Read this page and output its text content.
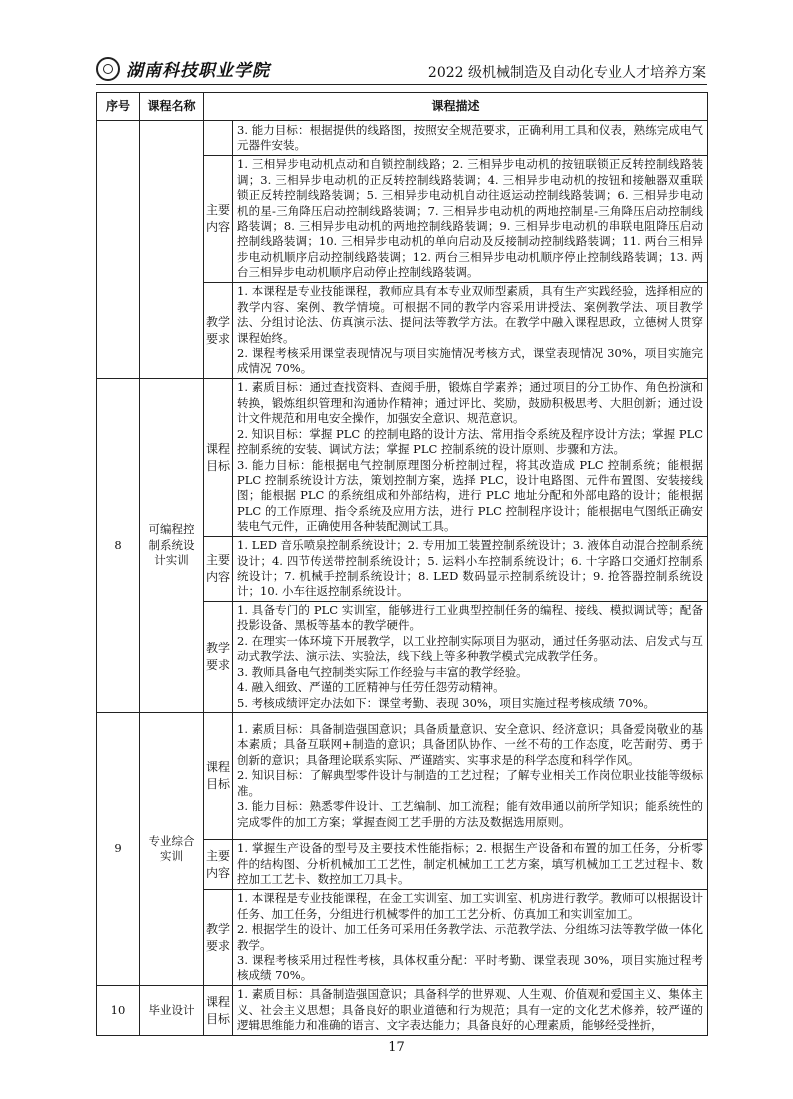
湖南科技职业学院	2022 级机械制造及自动化专业人才培养方案
序号	课程名称	课程描述	
			3. 能力目标：根据提供的线路图，按照安全规范要求，正确利用工具和仪表，熟练完成电气元器件安装。
		主要内容	1. 三相异步电动机点动和自锁控制线路；2. 三相异步电动机的按钮联锁正反转控制线路装调；3. 三相异步电动机的正反转控制线路装调；4. 三相异步电动机的按钮和接触器双重联锁正反转控制线路装调；5. 三相异步电动机自动往返运动控制线路装调；6. 三相异步电动机的星-三角降压启动控制线路装调；7. 三相异步电动机的两地控制星-三角降压启动控制线路装调；8. 三相异步电动机的两地控制线路装调；9. 三相异步电动机的串联电阻降压启动控制线路装调；10. 三相异步电动机的单向启动及反接制动控制线路装调；11. 两台三相异步电动机顺序启动控制线路装调；12. 两台三相异步电动机顺序停止控制线路装调；13. 两台三相异步电动机顺序启动停止控制线路装调。
		教学要求	1. 本课程是专业技能课程，教师应具有本专业双师型素质，具有生产实践经验，选择相应的教学内容、案例、教学情境。可根据不同的教学内容采用讲授法、案例教学法、项目教学法、分组讨论法、仿真演示法、提问法等教学方法。在教学中融入课程思政，立德树人贯穿课程始终。
2. 课程考核采用课堂表现情况与项目实施情况考核方式，课堂表现情况 30%，项目实施完成情况 70%。

8	可编程控制系统设计实训	课程目标	1. 素质目标：通过查找资料、查阅手册，锻炼自学素养；通过项目的分工协作、角色扮演和转换，锻炼组织管理和沟通协作精神；通过评比、奖励，鼓励积极思考、大胆创新；通过设计文件规范和用电安全操作，加强安全意识、规范意识。
2. 知识目标：掌握 PLC 的控制电路的设计方法、常用指令系统及程序设计方法；掌握 PLC 控制系统的安装、调试方法；掌握 PLC 控制系统的设计原则、步骤和方法。
3. 能力目标：能根据电气控制原理图分析控制过程，将其改造成 PLC 控制系统；能根据 PLC 控制系统设计方法，策划控制方案，选择 PLC，设计电路图、元件布置图、安装接线图；能根据 PLC 的系统组成和外部结构，进行 PLC 地址分配和外部电路的设计；能根据 PLC 的工作原理、指令系统及应用方法，进行 PLC 控制程序设计；能根据电气图纸正确安装电气元件，正确使用各种装配测试工具。

		主要内容	1. LED 音乐喷泉控制系统设计；2. 专用加工装置控制系统设计；3. 液体自动混合控制系统设计；4. 四节传送带控制系统设计；5. 运料小车控制系统设计；6. 十字路口交通灯控制系统设计；7. 机械手控制系统设计；8. LED 数码显示控制系统设计；9. 抢答器控制系统设计；10. 小车往返控制系统设计。
		教学要求	1. 具备专门的 PLC 实训室，能够进行工业典型控制任务的编程、接线、模拟调试等；配备投影设备、黑板等基本的教学硬件。
2. 在理实一体环境下开展教学，以工业控制实际项目为驱动，通过任务驱动法、启发式与互动式教学法、演示法、实验法，线下线上等多种教学模式完成教学任务。
3. 教师具备电气控制类实际工作经验与丰富的教学经验。
4. 融入细致、严谨的工匠精神与任劳任怨劳动精神。
5. 考核成绩评定办法如下：课堂考勤、表现 30%，项目实施过程考核成绩 70%。

9	专业综合实训	课程目标	1. 素质目标：具备制造强国意识；具备质量意识、安全意识、经济意识；具备爱岗敬业的基本素质；具备互联网+制造的意识；具备团队协作、一丝不苟的工作态度，吃苦耐劳、勇于创新的意识；具备理论联系实际、严谨踏实、实事求是的科学态度和科学作风。
2. 知识目标：了解典型零件设计与制造的工艺过程；了解专业相关工作岗位职业技能等级标准。
3. 能力目标：熟悉零件设计、工艺编制、加工流程；能有效串通以前所学知识；能系统性的完成零件的加工方案；掌握查阅工艺手册的方法及数据选用原则。

		主要内容	1. 掌握生产设备的型号及主要技术性能指标；2. 根据生产设备和布置的加工任务，分析零件的结构图、分析机械加工工艺性，制定机械加工工艺方案，填写机械加工工艺过程卡、数控加工工艺卡、数控加工刀具卡。
		教学要求	1. 本课程是专业技能课程，在金工实训室、加工实训室、机房进行教学。教师可以根据设计任务、加工任务，分组进行机械零件的加工工艺分析、仿真加工和实训室加工。
2. 根据学生的设计、加工任务可采用任务教学法、示范教学法、分组练习法等教学做一体化教学。
3. 课程考核采用过程性考核，具体权重分配：平时考勤、课堂表现 30%，项目实施过程考核成绩 70%。

10	毕业设计	课程目标	1. 素质目标：具备制造强国意识；具备科学的世界观、人生观、价值观和爱国主义、集体主义、社会主义思想；具备良好的职业道德和行为规范；具有一定的文化艺术修养，较严谨的逻辑思维能力和准确的语言、文字表达能力；具备良好的心理素质，能够经受挫折，
17
